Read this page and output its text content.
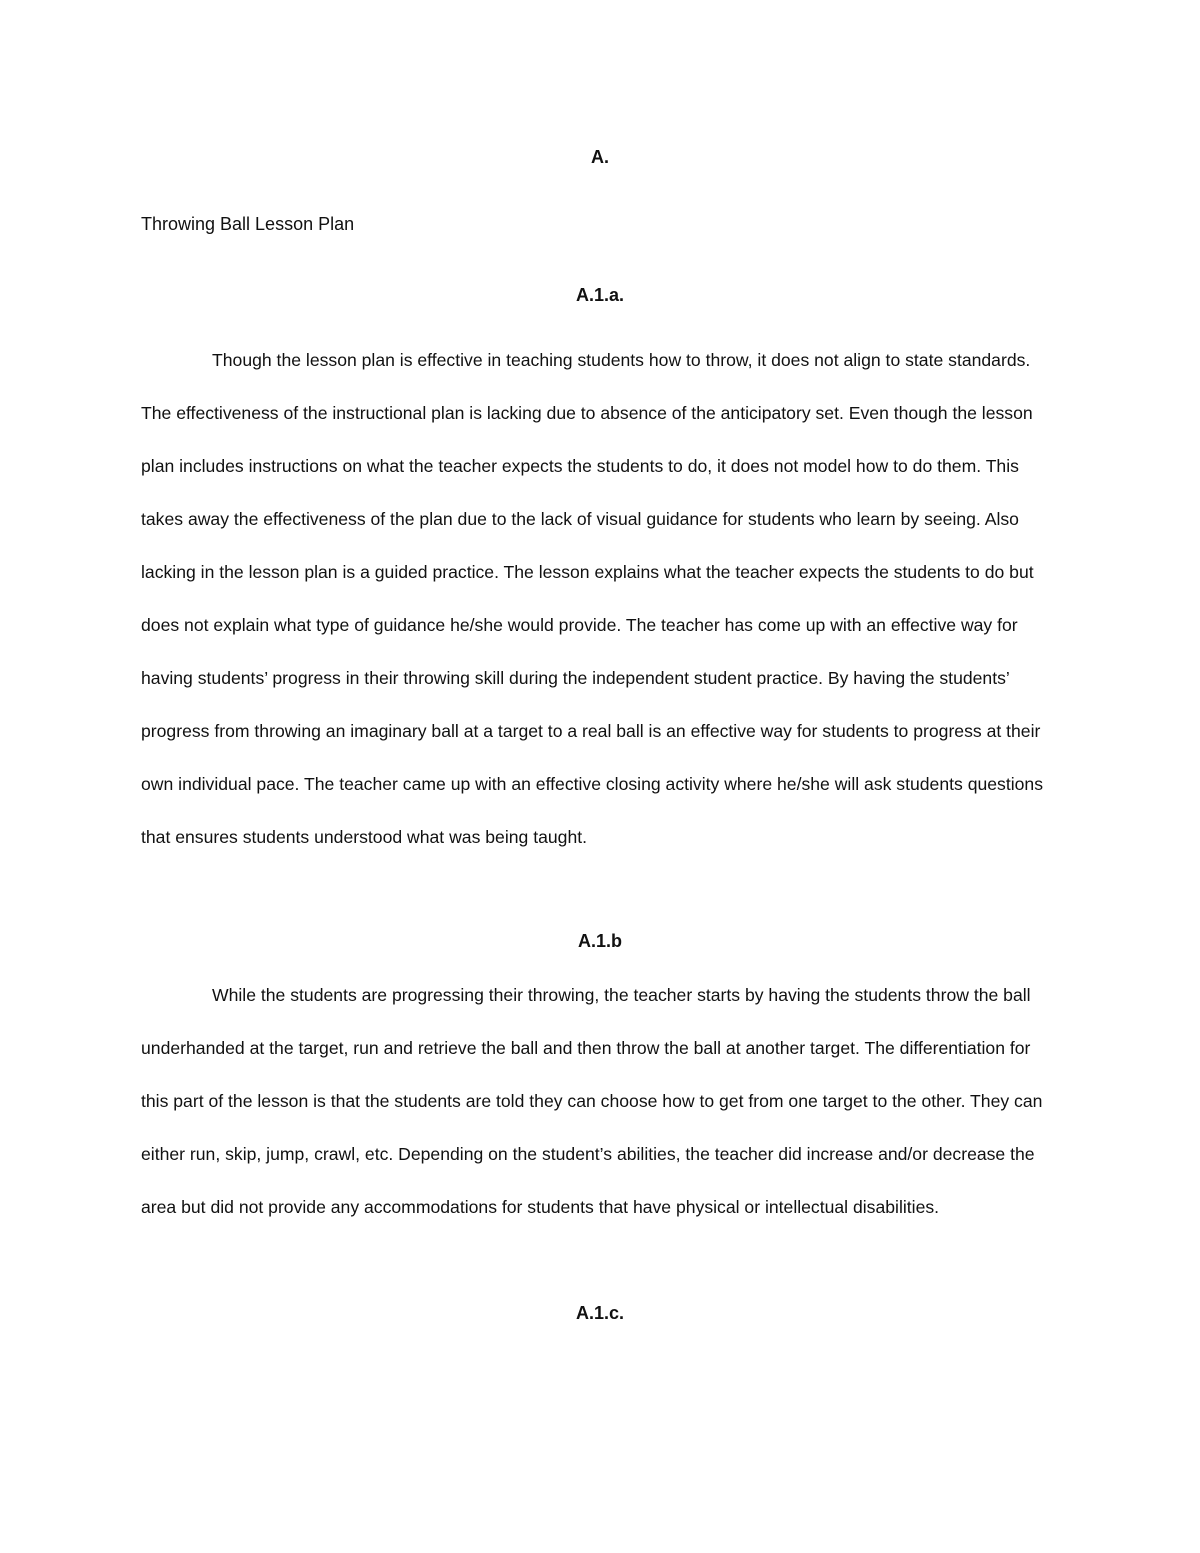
A.

Throwing Ball Lesson Plan

A.1.a.

Though the lesson plan is effective in teaching students how to throw, it does not align to state standards. The effectiveness of the instructional plan is lacking due to absence of the anticipatory set. Even though the lesson plan includes instructions on what the teacher expects the students to do, it does not model how to do them. This takes away the effectiveness of the plan due to the lack of visual guidance for students who learn by seeing. Also lacking in the lesson plan is a guided practice. The lesson explains what the teacher expects the students to do but does not explain what type of guidance he/she would provide. The teacher has come up with an effective way for having students’ progress in their throwing skill during the independent student practice. By having the students’ progress from throwing an imaginary ball at a target to a real ball is an effective way for students to progress at their own individual pace. The teacher came up with an effective closing activity where he/she will ask students questions that ensures students understood what was being taught.

A.1.b

While the students are progressing their throwing, the teacher starts by having the students throw the ball underhanded at the target, run and retrieve the ball and then throw the ball at another target. The differentiation for this part of the lesson is that the students are told they can choose how to get from one target to the other. They can either run, skip, jump, crawl, etc. Depending on the student’s abilities, the teacher did increase and/or decrease the area but did not provide any accommodations for students that have physical or intellectual disabilities.

A.1.c.
